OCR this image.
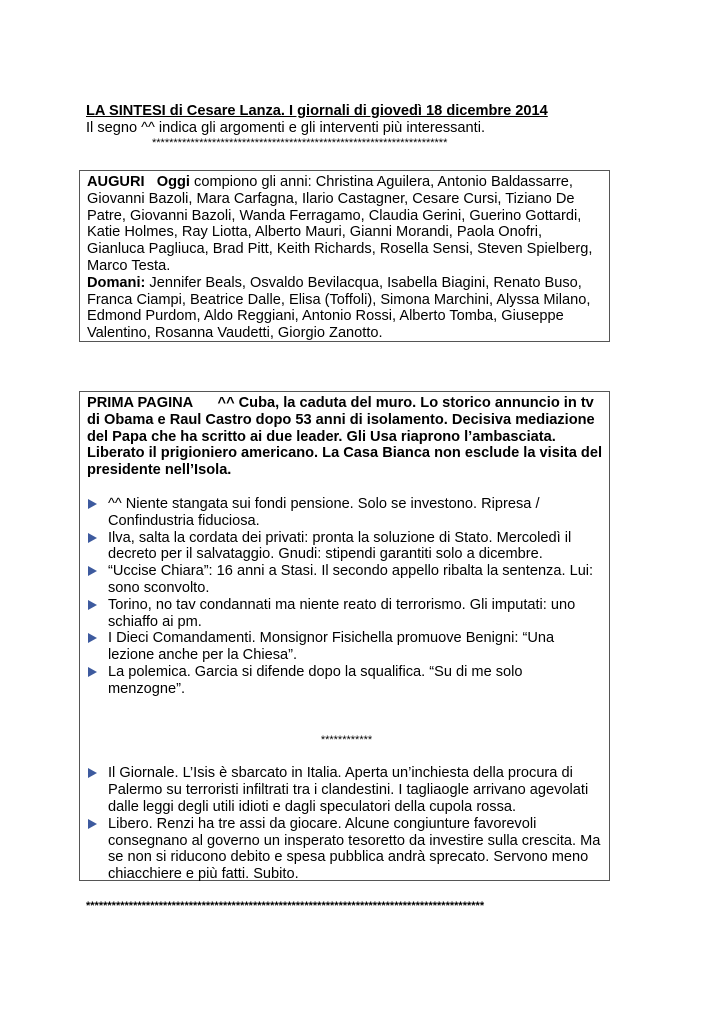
LA SINTESI di Cesare Lanza. I giornali di giovedì 18 dicembre 2014
Il segno ^^ indica gli argomenti e gli interventi più interessanti.
*********************************************************************

AUGURI Oggi compiono gli anni: Christina Aguilera, Antonio Baldassarre, Giovanni Bazoli, Mara Carfagna, Ilario Castagner, Cesare Cursi, Tiziano De Patre, Giovanni Bazoli, Wanda Ferragamo, Claudia Gerini, Guerino Gottardi, Katie Holmes, Ray Liotta, Alberto Mauri, Gianni Morandi, Paola Onofri, Gianluca Pagliuca, Brad Pitt, Keith Richards, Rosella Sensi, Steven Spielberg, Marco Testa.

Domani: Jennifer Beals, Osvaldo Bevilacqua, Isabella Biagini, Renato Buso, Franca Ciampi, Beatrice Dalle, Elisa (Toffoli), Simona Marchini, Alyssa Milano, Edmond Purdom, Aldo Reggiani, Antonio Rossi, Alberto Tomba, Giuseppe Valentino, Rosanna Vaudetti, Giorgio Zanotto.

PRIMA PAGINA ^^ Cuba, la caduta del muro. Lo storico annuncio in tv di Obama e Raul Castro dopo 53 anni di isolamento. Decisiva mediazione del Papa che ha scritto ai due leader. Gli Usa riaprono l’ambasciata. Liberato il prigioniero americano. La Casa Bianca non esclude la visita del presidente nell’Isola.

^^ Niente stangata sui fondi pensione. Solo se investono. Ripresa / Confindustria fiduciosa.
Ilva, salta la cordata dei privati: pronta la soluzione di Stato. Mercoledì il decreto per il salvataggio. Gnudi: stipendi garantiti solo a dicembre.
“Uccise Chiara”: 16 anni a Stasi. Il secondo appello ribalta la sentenza. Lui: sono sconvolto.
Torino, no tav condannati ma niente reato di terrorismo. Gli imputati: uno schiaffo ai pm.
I Dieci Comandamenti. Monsignor Fisichella promuove Benigni: “Una lezione anche per la Chiesa”.
La polemica. Garcia si difende dopo la squalifica. “Su di me solo menzogne”.
************
Il Giornale. L’Isis è sbarcato in Italia. Aperta un’inchiesta della procura di Palermo su terroristi infiltrati tra i clandestini. I tagliaogle arrivano agevolati dalle leggi degli utili idioti e dagli speculatori della cupola rossa.
Libero. Renzi ha tre assi da giocare. Alcune congiunture favorevoli consegnano al governo un insperato tesoretto da investire sulla crescita. Ma se non si riducono debito e spesa pubblica andrà sprecato. Servono meno chiacchiere e più fatti. Subito.
*********************************************************************************************
